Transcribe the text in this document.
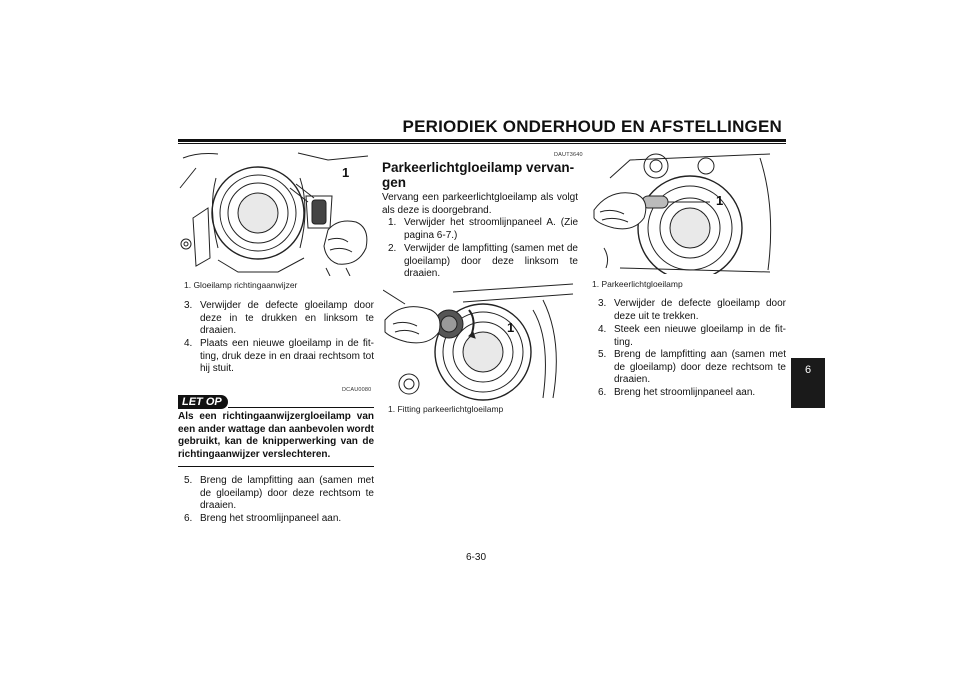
PERIODIEK ONDERHOUD EN AFSTELLINGEN
6
1
1. Gloeilamp richtingaanwijzer
3. Verwijder de defecte gloeilamp door deze in te drukken en linksom te draaien.
4. Plaats een nieuwe gloeilamp in de fit-ting, druk deze in en draai rechtsom tot hij stuit.
DCAU0080
LET OP
Als een richtingaanwijzergloeilamp van een ander wattage dan aanbevolen wordt gebruikt, kan de knipperwerking van de richtingaanwijzer verslechteren.
5. Breng de lampfitting aan (samen met de gloeilamp) door deze rechtsom te draaien.
6. Breng het stroomlijnpaneel aan.
DAUT3640
Parkeerlichtgloeilamp vervan-gen
Vervang een parkeerlichtgloeilamp als volgt als deze is doorgebrand.
1. Verwijder het stroomlijnpaneel A. (Zie pagina 6-7.)
2. Verwijder de lampfitting (samen met de gloeilamp) door deze linksom te draaien.
1
1. Fitting parkeerlichtgloeilamp
1
1. Parkeerlichtgloeilamp
3. Verwijder de defecte gloeilamp door deze uit te trekken.
4. Steek een nieuwe gloeilamp in de fit-ting.
5. Breng de lampfitting aan (samen met de gloeilamp) door deze rechtsom te draaien.
6. Breng het stroomlijnpaneel aan.
6-30
